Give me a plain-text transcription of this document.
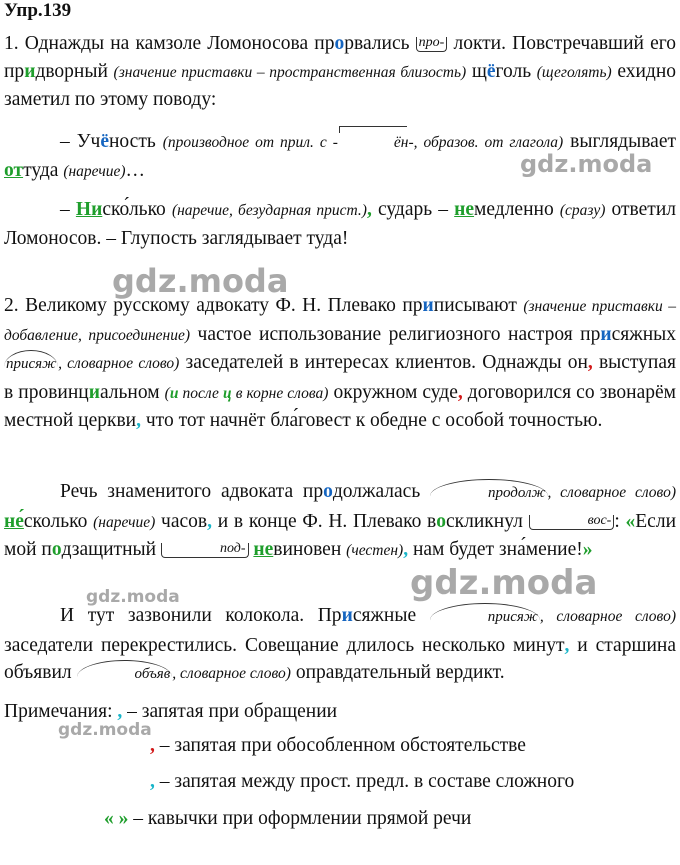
Упр.139
1. Однажды на камзоле Ломоносова прорвались про- локти. Повстречавший его придворный (значение приставки – пространственная близость) щёголь (щеголять) ехидно заметил по этому поводу:
– Учёность (производное от прил. с -	ён-, образов. от глагола) выглядывает оттуда (наречие)…
– Ниско́лько (наречие, безударная прист.), сударь – немедленно (сразу) ответил Ломоносов. – Глупость заглядывает туда!
2. Великому русскому адвокату Ф. Н. Плевако приписывают (значение приставки – добавление, присоединение) частое использование религиозного настроя присяжных присяж , словарное слово) заседателей в интересах клиентов. Однажды он, выступая в провинциальном (и после ц в корне слова) окружном суде, договорился со звонарём местной церкви, что тот начнёт бла́говест к обедне с особой точностью.
Речь знаменитого адвоката продолжалась	продолж , словарное слово) не́сколько (наречие) часов, и в конце Ф. Н. Плевако воскликнул	вос- : «Если мой подзащитный	под- невиновен (честен), нам будет зна́мение!»
И тут зазвонили колокола. Присяжные	присяж , словарное слово) заседатели перекрестились. Совещание длилось несколько минут, и старшина объявил	объяв , словарное слово) оправдательный вердикт.
Примечания: , – запятая при обращении
, – запятая при обособленном обстоятельстве
, – запятая между прост. предл. в составе сложного
« » – кавычки при оформлении прямой речи
gdz.moda
gdz.moda
gdz.moda
gdz.moda
gdz.moda
